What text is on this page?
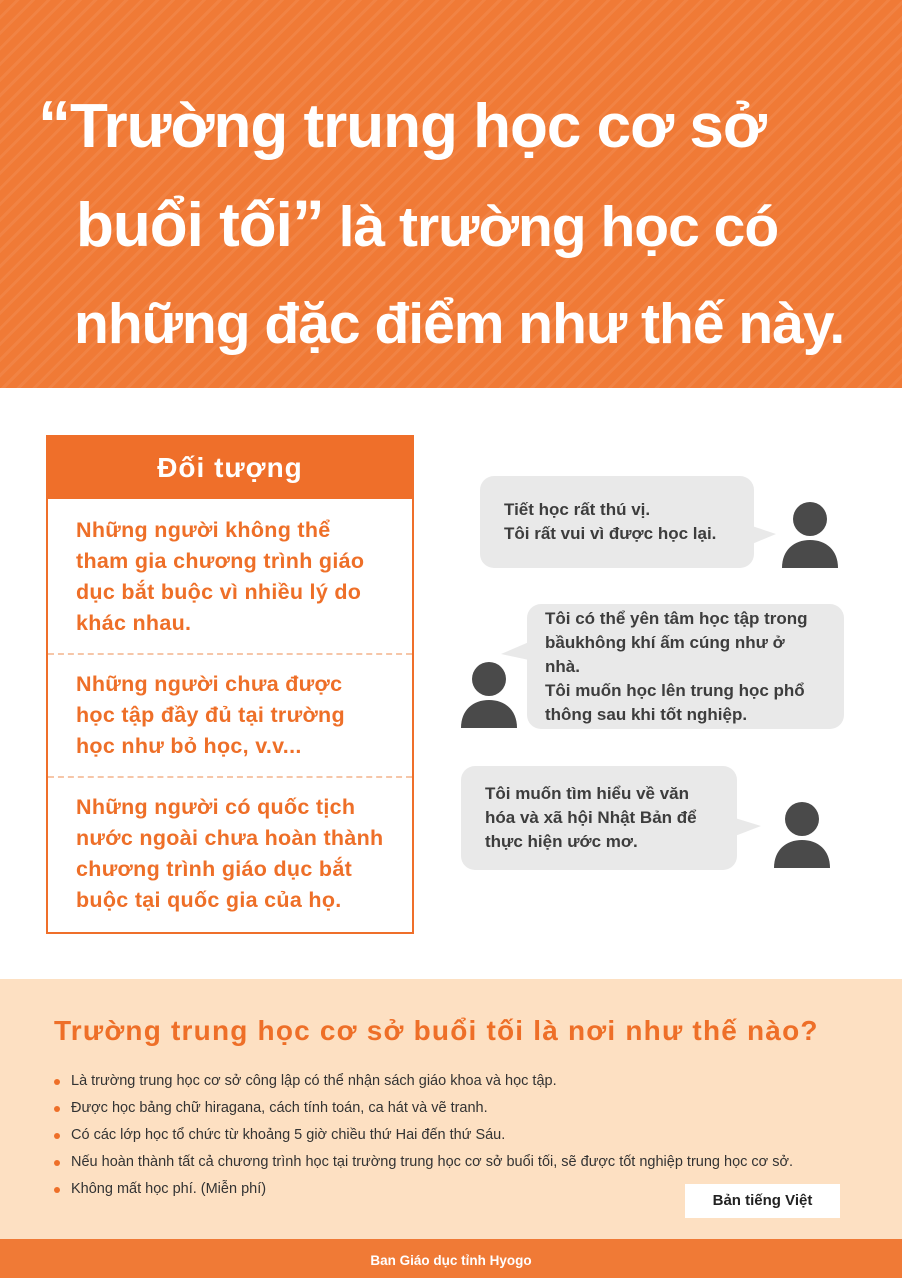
“Trường trung học cơ sở
buổi tối” là trường học có
những đặc điểm như thế này.
Đối tượng
Những người không thể tham gia chương trình giáo dục bắt buộc vì nhiều lý do khác nhau.
Những người chưa được học tập đầy đủ tại trường học như bỏ học, v.v...
Những người có quốc tịch nước ngoài chưa hoàn thành chương trình giáo dục bắt buộc tại quốc gia của họ.
Tiết học rất thú vị.
Tôi rất vui vì được học lại.
Tôi có thể yên tâm học tập trong
bầukhông khí ấm cúng như ở nhà.
Tôi muốn học lên trung học phổ
thông sau khi tốt nghiệp.
Tôi muốn tìm hiểu về văn
hóa và xã hội Nhật Bản để
thực hiện ước mơ.
Trường trung học cơ sở buổi tối là nơi như thế nào?
Là trường trung học cơ sở công lập có thể nhận sách giáo khoa và học tập.
Được học bảng chữ hiragana, cách tính toán, ca hát và vẽ tranh.
Có các lớp học tổ chức từ khoảng 5 giờ chiều thứ Hai đến thứ Sáu.
Nếu hoàn thành tất cả chương trình học tại trường trung học cơ sở buổi tối, sẽ được tốt nghiệp trung học cơ sở.
Không mất học phí. (Miễn phí)
Bản tiếng Việt
Ban Giáo dục tỉnh Hyogo
